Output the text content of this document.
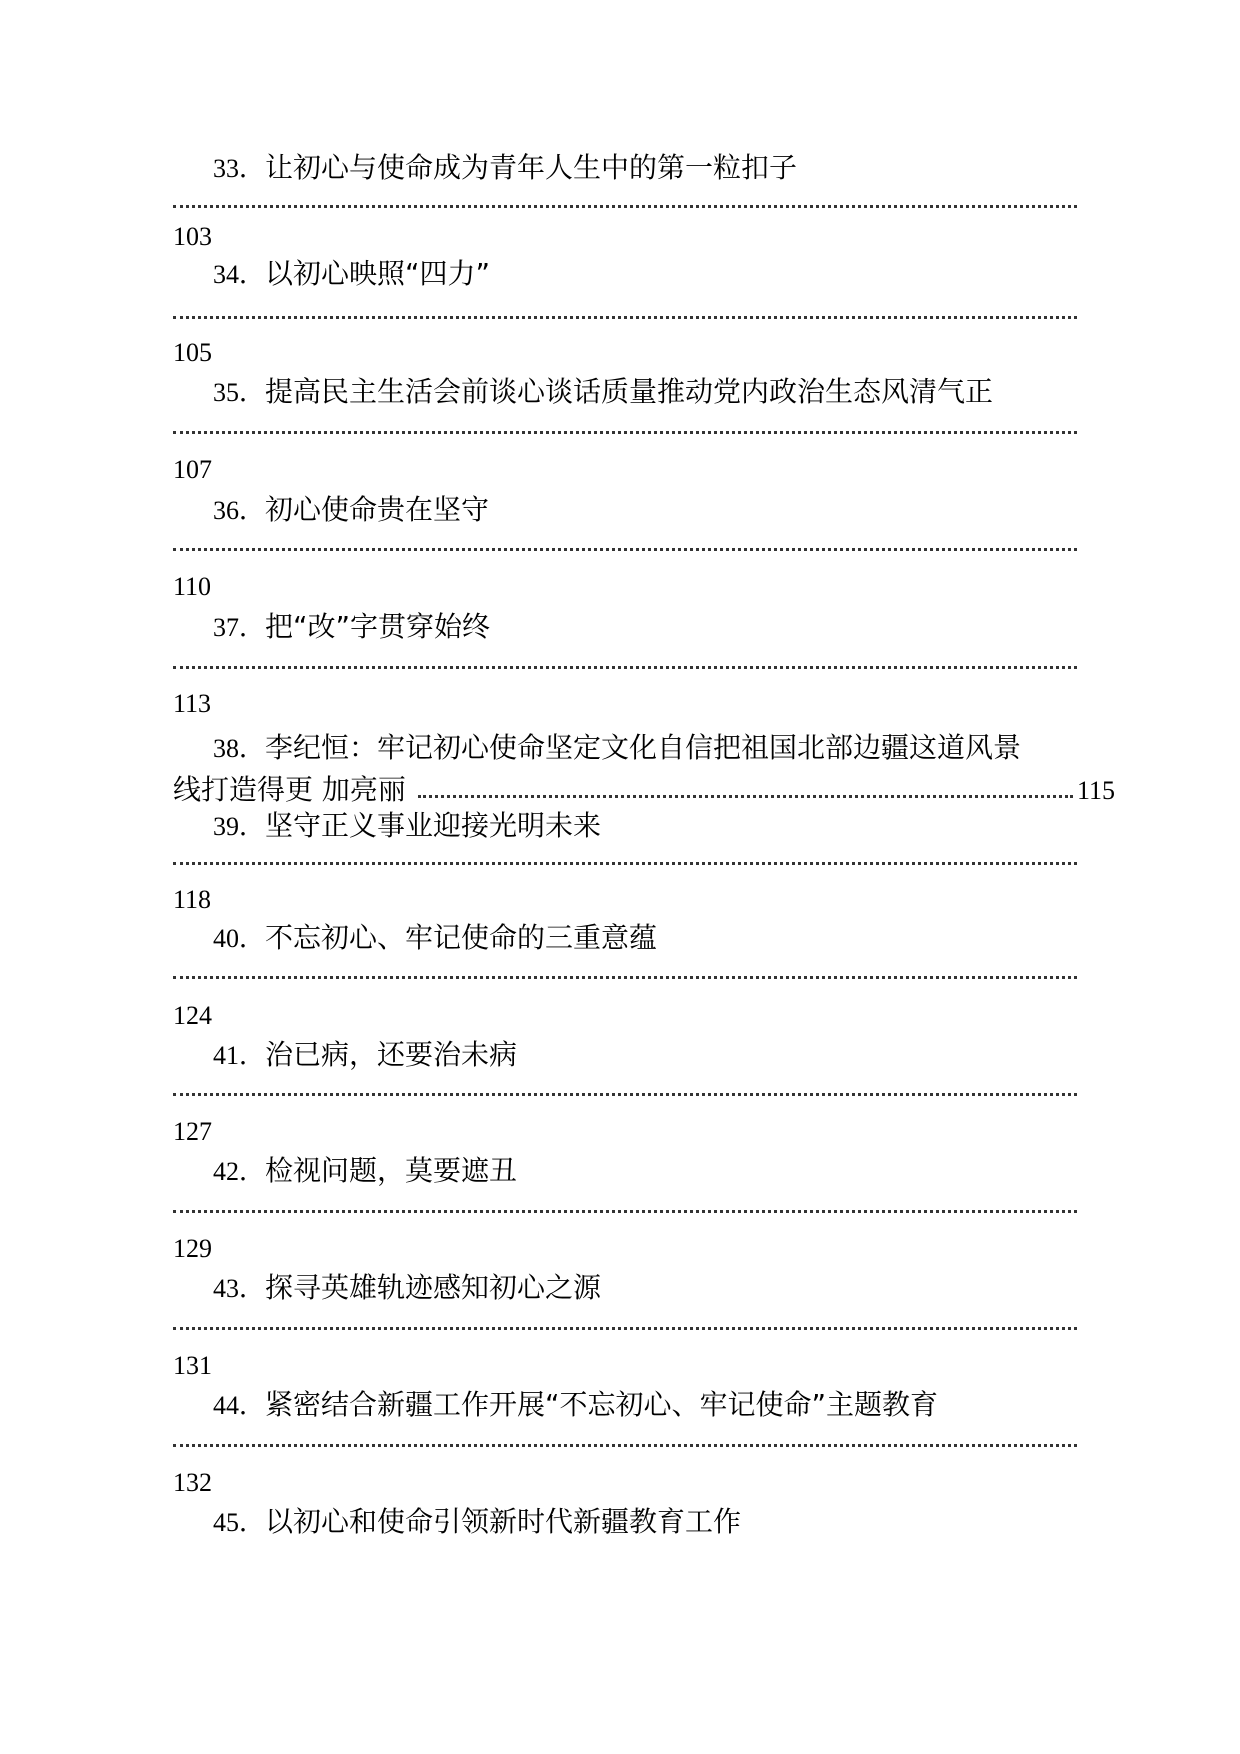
33．让初心与使命成为青年人生中的第一粒扣子
103
34．以初心映照“四力”
105
35．提高民主生活会前谈心谈话质量推动党内政治生态风清气正
107
36．初心使命贵在坚守
110
37．把“改”字贯穿始终
113
38．李纪恒：牢记初心使命坚定文化自信把祖国北部边疆这道风景
线打造得更 加亮丽	115
39．坚守正义事业迎接光明未来
118
40．不忘初心、牢记使命的三重意蕴
124
41．治已病，还要治未病
127
42．检视问题，莫要遮丑
129
43．探寻英雄轨迹感知初心之源
131
44．紧密结合新疆工作开展“不忘初心、牢记使命”主题教育
132
45．以初心和使命引领新时代新疆教育工作
